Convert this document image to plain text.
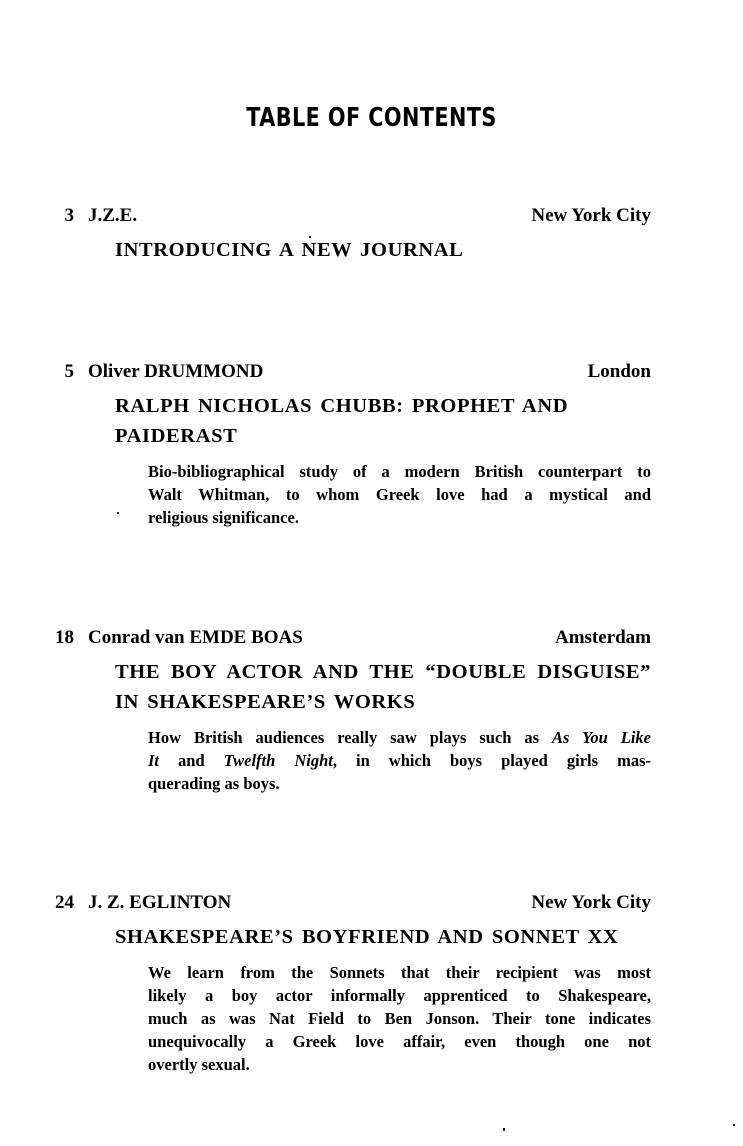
TABLE OF CONTENTS
3 J.Z.E.	New York City
INTRODUCING A NEW JOURNAL
5 Oliver DRUMMOND	London
RALPH NICHOLAS CHUBB: PROPHET AND
PAIDERAST
Bio-bibliographical study of a modern British counterpart to
Walt Whitman, to whom Greek love had a mystical and
religious significance.
18 Conrad van EMDE BOAS	Amsterdam
THE BOY ACTOR AND THE “DOUBLE DISGUISE”
IN SHAKESPEARE’S WORKS
How British audiences really saw plays such as As You Like
It and Twelfth Night, in which boys played girls mas-
querading as boys.
24 J. Z. EGLINTON	New York City
SHAKESPEARE’S BOYFRIEND AND SONNET XX
We learn from the Sonnets that their recipient was most
likely a boy actor informally apprenticed to Shakespeare,
much as was Nat Field to Ben Jonson. Their tone indicates
unequivocally a Greek love affair, even though one not
overtly sexual.
